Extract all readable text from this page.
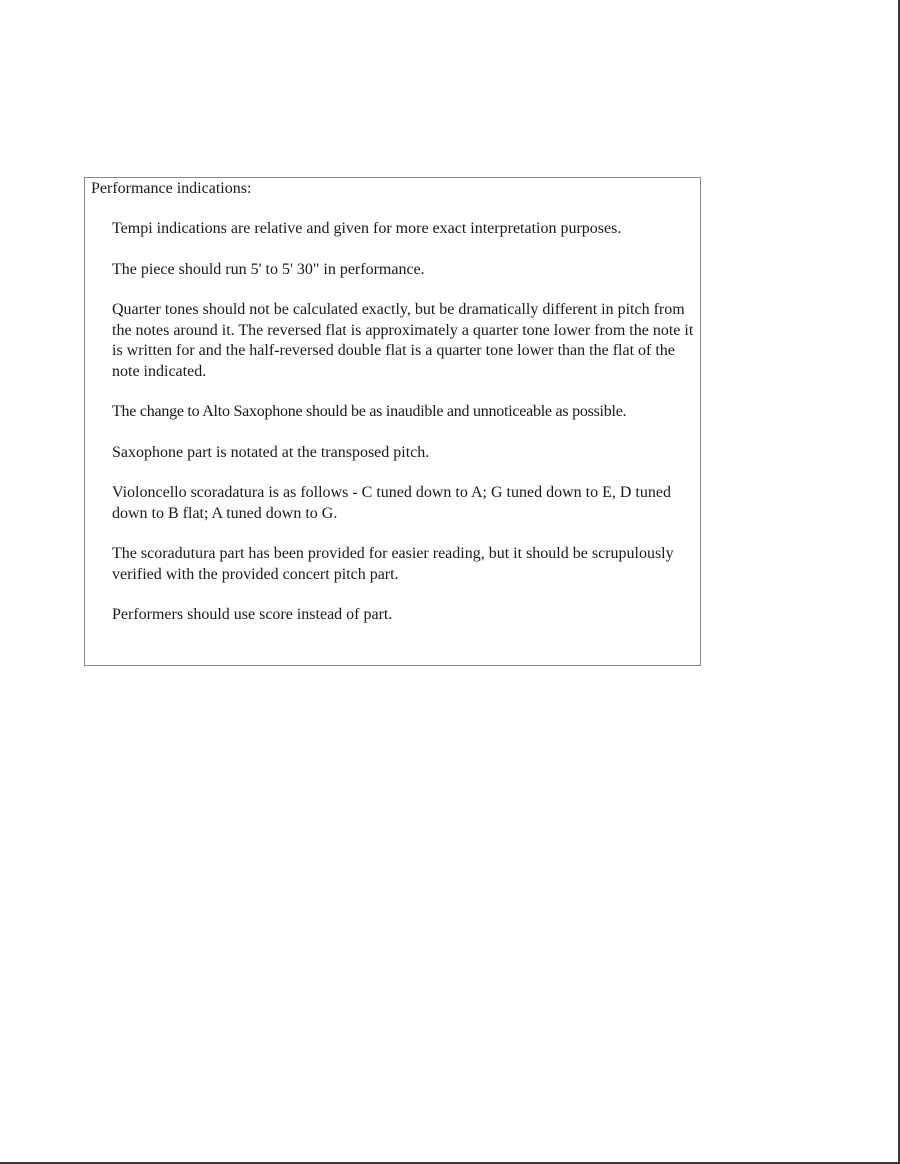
Performance indications:
Tempi indications are relative and given for more exact interpretation purposes.
The piece should run 5' to 5' 30" in performance.
Quarter tones should not be calculated exactly, but be dramatically different in pitch from the notes around it. The reversed flat is approximately a quarter tone lower from the note it is written for and the half-reversed double flat is a quarter tone lower than the flat of the note indicated.
The change to Alto Saxophone should be as inaudible and unnoticeable as possible.
Saxophone part is notated at the transposed pitch.
Violoncello scoradatura is as follows - C tuned down to A; G tuned down to E, D tuned down to B flat; A tuned down to G.
The scoradutura part has been provided for easier reading, but it should be scrupulously verified with the provided concert pitch part.
Performers should use score instead of part.
